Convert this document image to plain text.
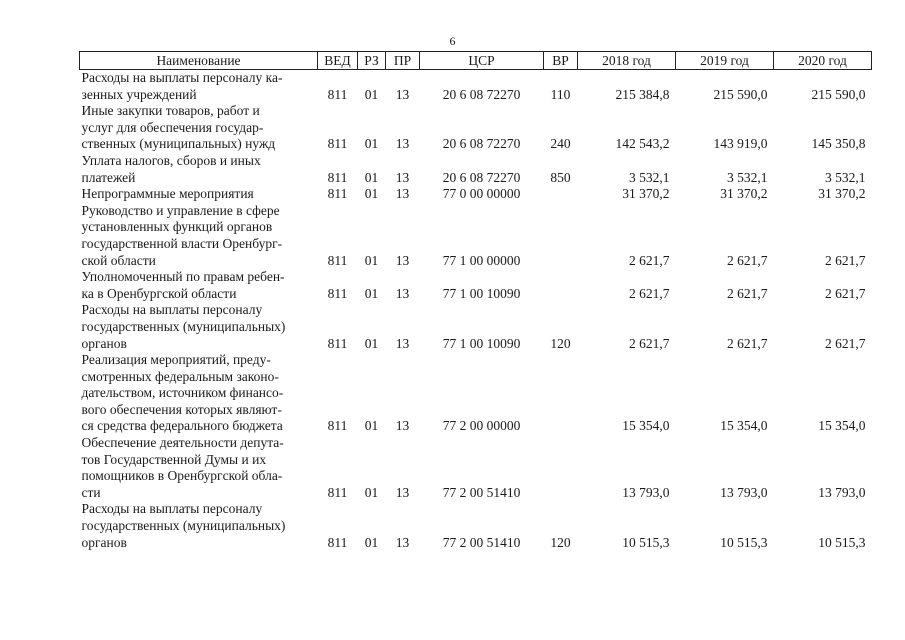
6
Наименование	ВЕД	РЗ	ПР	ЦСР	ВР	2018 год	2019 год	2020 год
Расходы на выплаты персоналу ка-
зенных учреждений	811	01	13	20 6 08 72270	110	215 384,8	215 590,0	215 590,0
Иные закупки товаров, работ и
услуг для обеспечения государ-
ственных (муниципальных) нужд	811	01	13	20 6 08 72270	240	142 543,2	143 919,0	145 350,8
Уплата налогов, сборов и иных
платежей	811	01	13	20 6 08 72270	850	3 532,1	3 532,1	3 532,1
Непрограммные мероприятия	811	01	13	77 0 00 00000		31 370,2	31 370,2	31 370,2
Руководство и управление в сфере
установленных функций органов
государственной власти Оренбург-
ской области	811	01	13	77 1 00 00000		2 621,7	2 621,7	2 621,7
Уполномоченный по правам ребен-
ка в Оренбургской области	811	01	13	77 1 00 10090		2 621,7	2 621,7	2 621,7
Расходы на выплаты персоналу
государственных (муниципальных)
органов	811	01	13	77 1 00 10090	120	2 621,7	2 621,7	2 621,7
Реализация мероприятий, преду-
смотренных федеральным законо-
дательством, источником финансо-
вого обеспечения которых являют-
ся средства федерального бюджета	811	01	13	77 2 00 00000		15 354,0	15 354,0	15 354,0
Обеспечение деятельности депута-
тов Государственной Думы и их
помощников в Оренбургской обла-
сти	811	01	13	77 2 00 51410		13 793,0	13 793,0	13 793,0
Расходы на выплаты персоналу
государственных (муниципальных)
органов	811	01	13	77 2 00 51410	120	10 515,3	10 515,3	10 515,3
